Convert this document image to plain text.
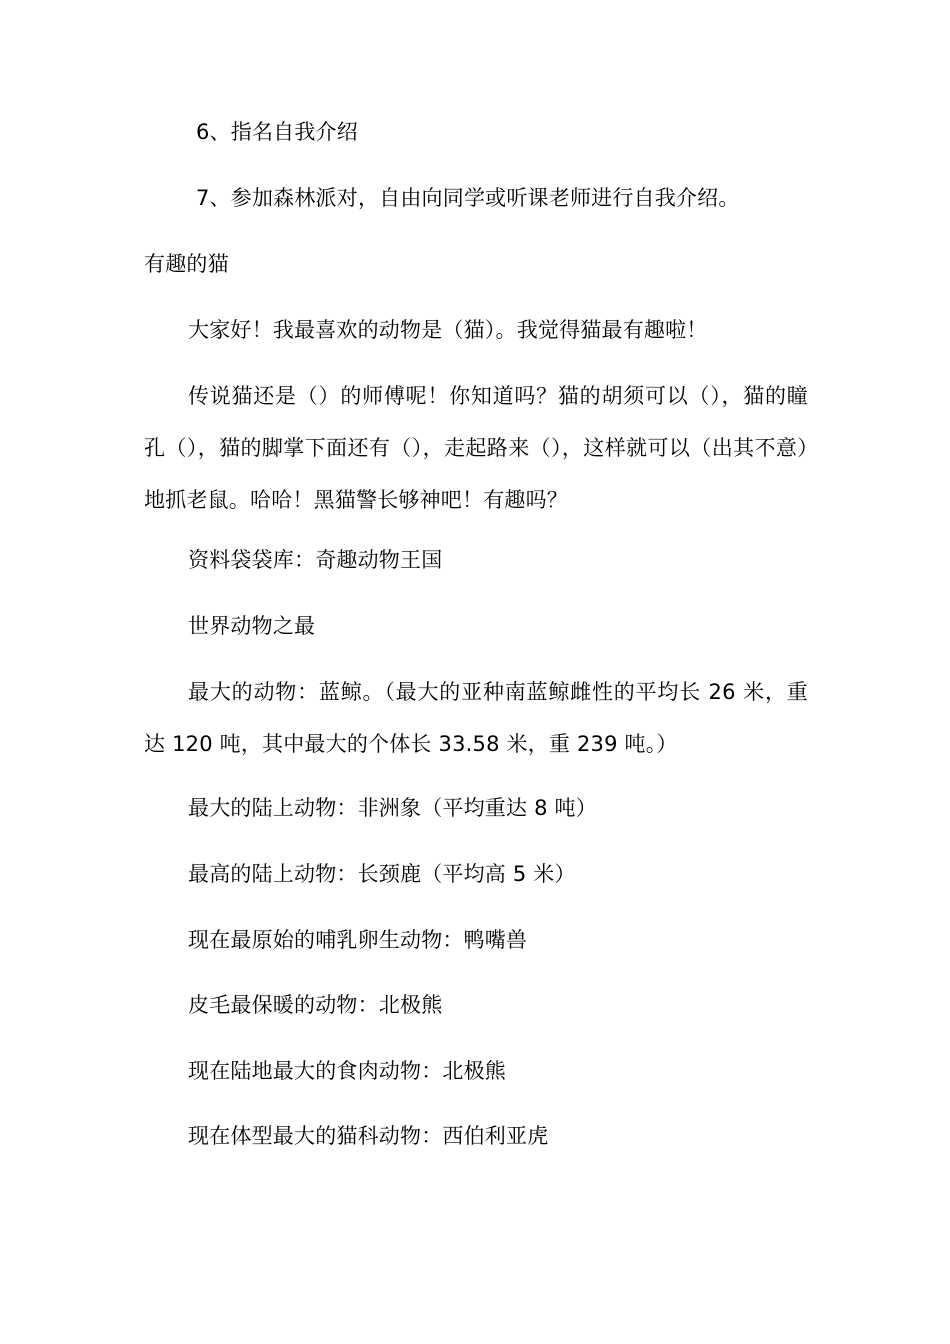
6、指名自我介绍

7、参加森林派对，自由向同学或听课老师进行自我介绍。

有趣的猫

大家好！我最喜欢的动物是（猫）。我觉得猫最有趣啦！

传说猫还是（）的师傅呢！你知道吗？猫的胡须可以（），猫的瞳孔（），猫的脚掌下面还有（），走起路来（），这样就可以（出其不意）地抓老鼠。哈哈！黑猫警长够神吧！有趣吗？

资料袋袋库：奇趣动物王国

世界动物之最

最大的动物：蓝鲸。（最大的亚种南蓝鲸雌性的平均长 26 米，重达 120 吨，其中最大的个体长 33.58 米，重 239 吨。）

最大的陆上动物：非洲象（平均重达 8 吨）

最高的陆上动物：长颈鹿（平均高 5 米）

现在最原始的哺乳卵生动物：鸭嘴兽

皮毛最保暖的动物：北极熊

现在陆地最大的食肉动物：北极熊

现在体型最大的猫科动物：西伯利亚虎
